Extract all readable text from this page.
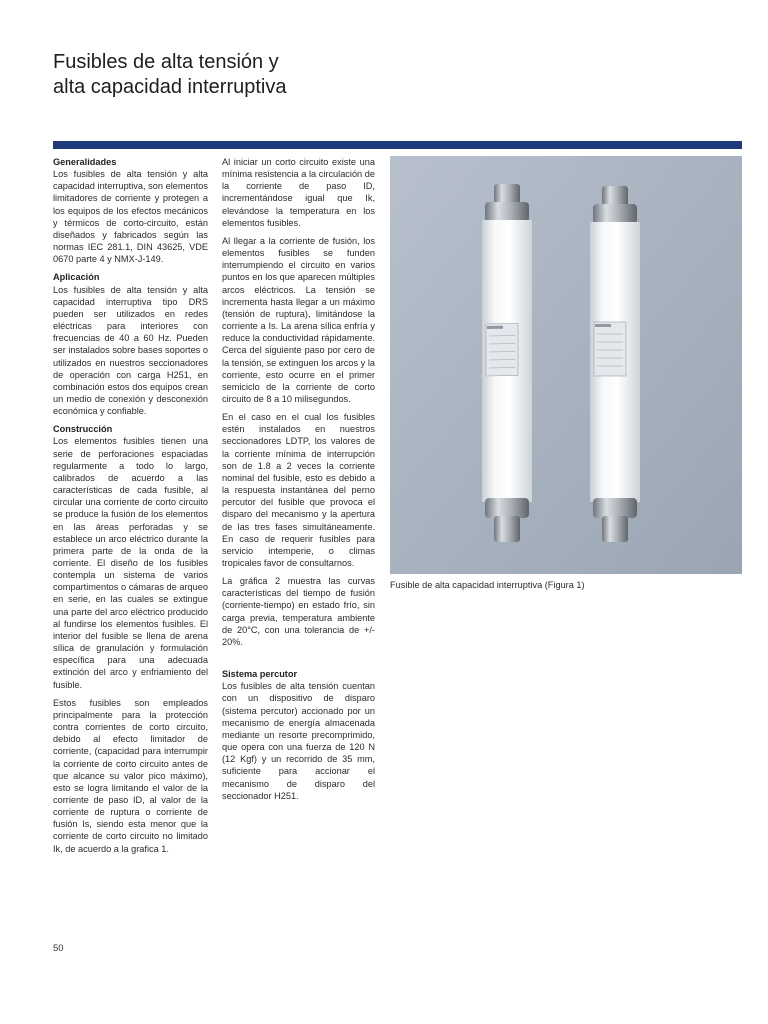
Fusibles de alta tensión y
alta capacidad interruptiva
Generalidades

Los fusibles de alta tensión y alta capacidad interruptiva, son elementos limitadores de corriente y protegen a los equipos de los efectos mecánicos y térmicos de corto-circuito, están diseñados y fabricados según las normas IEC 281.1, DIN 43625, VDE 0670 parte 4 y NMX-J-149.

Aplicación

Los fusibles de alta tensión y alta capacidad interruptiva tipo DRS pueden ser utilizados en redes eléctricas para interiores con frecuencias de 40 a 60 Hz. Pueden ser instalados sobre bases soportes o utilizados en nuestros seccionadores de operación con carga H251, en combinación estos dos equipos crean un medio de conexión y desconexión económica y confiable.

Construcción

Los elementos fusibles tienen una serie de perforaciones espaciadas regularmente a todo lo largo, calibrados de acuerdo a las características de cada fusible, al circular una corriente de corto circuito se produce la fusión de los elementos en las áreas perforadas y se establece un arco eléctrico durante la primera parte de la onda de la corriente. El diseño de los fusibles contempla un sistema de varios compartimentos o cámaras de arqueo en serie, en las cuales se extingue una parte del arco eléctrico producido al fundirse los elementos fusibles. El interior del fusible se llena de arena sílica de granulación y formulación específica para una adecuada extinción del arco y enfriamiento del fusible.

Estos fusibles son empleados principalmente para la protección contra corrientes de corto circuito, debido al efecto limitador de corriente, (capacidad para interrumpir la corriente de corto circuito antes de que alcance su valor pico máximo), esto se logra limitando el valor de la corriente de paso ID, al valor de la corriente de ruptura o corriente de fusión Is, siendo esta menor que la corriente de corto circuito no limitado Ik, de acuerdo a la grafica 1.

Al iniciar un corto circuito existe una mínima resistencia a la circulación de la corriente de paso ID, incrementándose igual que Ik, elevándose la temperatura en los elementos fusibles.

Al llegar a la corriente de fusión, los elementos fusibles se funden interrumpiendo el circuito en varios puntos en los que aparecen múltiples arcos eléctricos. La tensión se incrementa hasta llegar a un máximo (tensión de ruptura), limitándose la corriente a Is. La arena sílica enfría y reduce la conductividad rápidamente. Cerca del siguiente paso por cero de la tensión, se extinguen los arcos y la corriente, esto ocurre en el primer semiciclo de la corriente de corto circuito de 8 a 10 milisegundos.

En el caso en el cual los fusibles estén instalados en nuestros seccionadores LDTP, los valores de la corriente mínima de interrupción son de 1.8 a 2 veces la corriente nominal del fusible, esto es debido a la respuesta instantánea del perno percutor del fusible que provoca el disparo del mecanismo y la apertura de las tres fases simultáneamente. En caso de requerir fusibles para servicio intemperie, o climas tropicales favor de consultarnos.

La gráfica 2 muestra las curvas características del tiempo de fusión (corriente-tiempo) en estado frío, sin carga previa, temperatura ambiente de 20°C, con una tolerancia de +/- 20%.

Sistema percutor

Los fusibles de alta tensión cuentan con un dispositivo de disparo (sistema percutor) accionado por un mecanismo de energía almacenada mediante un resorte precomprimido, que opera con una fuerza de 120 N (12 Kgf) y un recorrido de 35 mm, suficiente para accionar el mecanismo de disparo del seccionador H251.

Fusible de alta capacidad interruptiva (Figura 1)
50
